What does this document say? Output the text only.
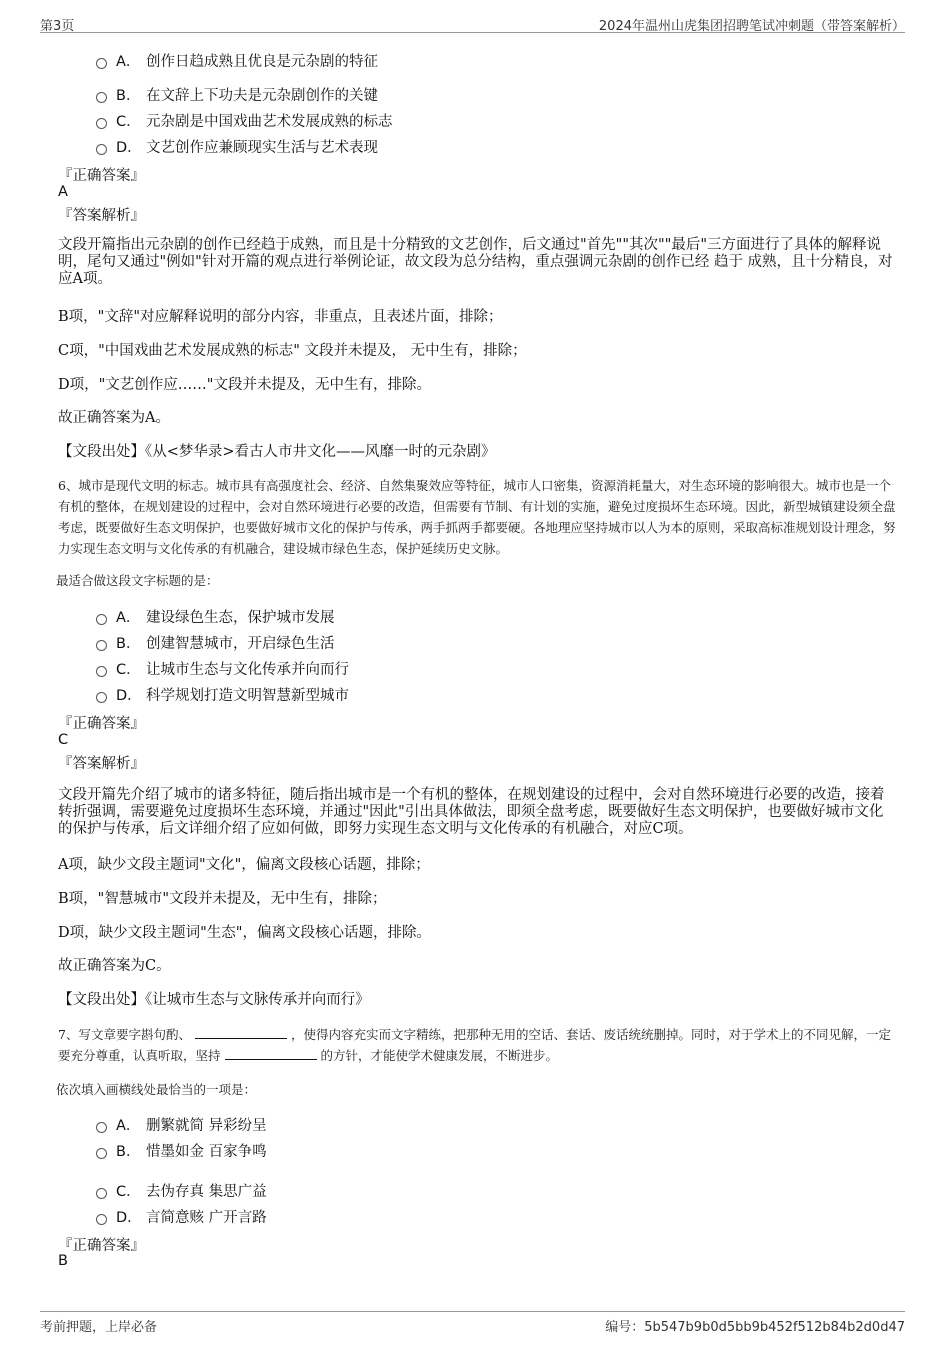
第3页	2024年温州山虎集团招聘笔试冲刺题（带答案解析）
A． 创作日趋成熟且优良是元杂剧的特征
B． 在文辞上下功夫是元杂剧创作的关键
C． 元杂剧是中国戏曲艺术发展成熟的标志
D． 文艺创作应兼顾现实生活与艺术表现
『正确答案』
A
『答案解析』
文段开篇指出元杂剧的创作已经趋于成熟，而且是十分精致的文艺创作，后文通过"首先""其次""最后"三方面进行了具体的解释说明，尾句又通过"例如"针对开篇的观点进行举例论证，故文段为总分结构，重点强调元杂剧的创作已经 趋于 成熟，且十分精良，对应A项。
B项，"文辞"对应解释说明的部分内容，非重点，且表述片面，排除；
C项，"中国戏曲艺术发展成熟的标志" 文段并未提及， 无中生有，排除；
D项，"文艺创作应……"文段并未提及，无中生有，排除。
故正确答案为A。
【文段出处】《从<梦华录>看古人市井文化——风靡一时的元杂剧》
6、城市是现代文明的标志。城市具有高强度社会、经济、自然集聚效应等特征，城市人口密集，资源消耗量大，对生态环境的影响很大。城市也是一个有机的整体，在规划建设的过程中，会对自然环境进行必要的改造，但需要有节制、有计划的实施，避免过度损坏生态环境。因此，新型城镇建设须全盘考虑，既要做好生态文明保护，也要做好城市文化的保护与传承，两手抓两手都要硬。各地理应坚持城市以人为本的原则，采取高标准规划设计理念，努力实现生态文明与文化传承的有机融合，建设城市绿色生态，保护延续历史文脉。
最适合做这段文字标题的是：
A． 建设绿色生态，保护城市发展
B． 创建智慧城市，开启绿色生活
C． 让城市生态与文化传承并向而行
D． 科学规划打造文明智慧新型城市
『正确答案』
C
『答案解析』
文段开篇先介绍了城市的诸多特征，随后指出城市是一个有机的整体，在规划建设的过程中，会对自然环境进行必要的改造，接着转折强调，需要避免过度损坏生态环境，并通过"因此"引出具体做法，即须全盘考虑，既要做好生态文明保护，也要做好城市文化的保护与传承，后文详细介绍了应如何做，即努力实现生态文明与文化传承的有机融合，对应C项。
A项，缺少文段主题词"文化"，偏离文段核心话题，排除；
B项，"智慧城市"文段并未提及，无中生有，排除；
D项，缺少文段主题词"生态"，偏离文段核心话题，排除。
故正确答案为C。
【文段出处】《让城市生态与文脉传承并向而行》
7、写文章要字斟句酌、	，使得内容充实而文字精练，把那种无用的空话、套话、废话统统删掉。同时，对于学术上的不同见解，一定要充分尊重，认真听取，坚持	的方针，才能使学术健康发展，不断进步。
依次填入画横线处最恰当的一项是：
A． 删繁就简 异彩纷呈
B． 惜墨如金 百家争鸣
C． 去伪存真 集思广益
D． 言简意赅 广开言路
『正确答案』
B
考前押题，上岸必备	编号：5b547b9b0d5bb9b452f512b84b2d0d47
